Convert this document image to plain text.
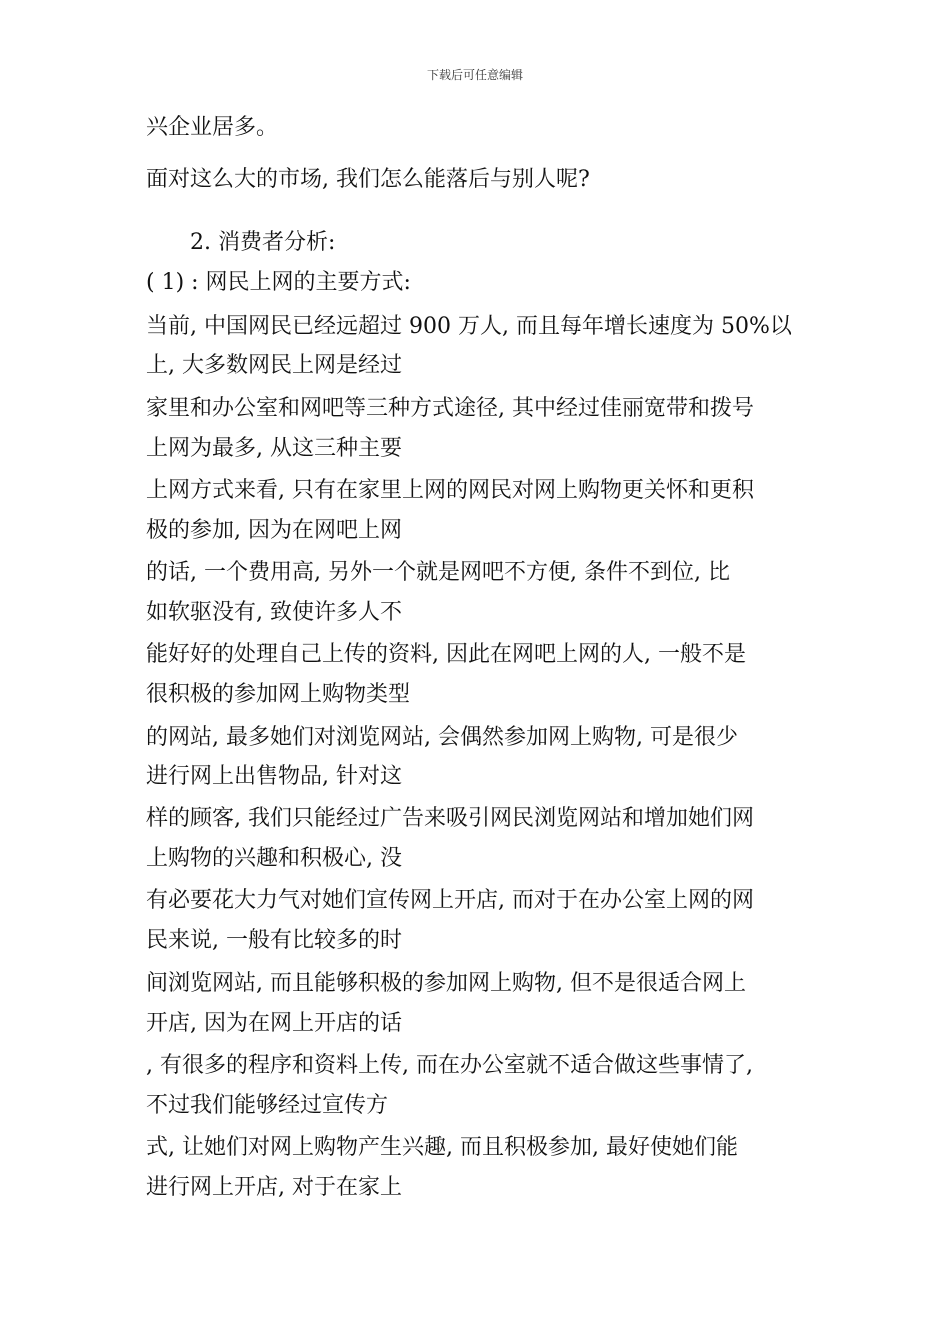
下载后可任意编辑
兴企业居多。
面对这么大的市场, 我们怎么能落后与别人呢?
2. 消费者分析:
( 1) : 网民上网的主要方式:
当前, 中国网民已经远超过 900 万人, 而且每年增长速度为 50%以
上, 大多数网民上网是经过
家里和办公室和网吧等三种方式途径, 其中经过佳丽宽带和拨号
上网为最多, 从这三种主要
上网方式来看, 只有在家里上网的网民对网上购物更关怀和更积
极的参加, 因为在网吧上网
的话, 一个费用高, 另外一个就是网吧不方便, 条件不到位, 比
如软驱没有, 致使许多人不
能好好的处理自己上传的资料, 因此在网吧上网的人, 一般不是
很积极的参加网上购物类型
的网站, 最多她们对浏览网站, 会偶然参加网上购物, 可是很少
进行网上出售物品, 针对这
样的顾客, 我们只能经过广告来吸引网民浏览网站和增加她们网
上购物的兴趣和积极心, 没
有必要花大力气对她们宣传网上开店, 而对于在办公室上网的网
民来说, 一般有比较多的时
间浏览网站, 而且能够积极的参加网上购物, 但不是很适合网上
开店, 因为在网上开店的话
, 有很多的程序和资料上传, 而在办公室就不适合做这些事情了,
不过我们能够经过宣传方
式, 让她们对网上购物产生兴趣, 而且积极参加, 最好使她们能
进行网上开店, 对于在家上
